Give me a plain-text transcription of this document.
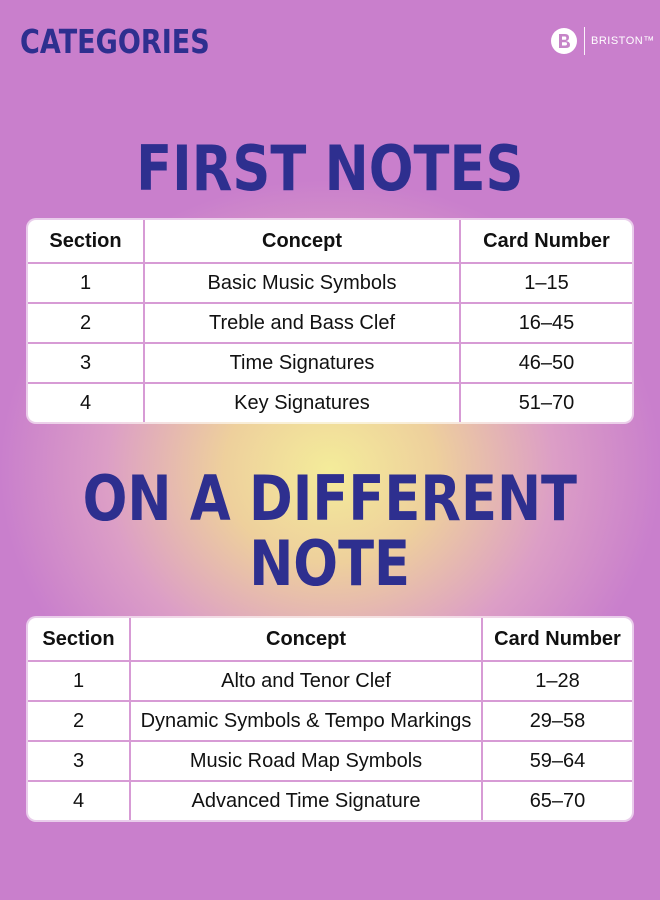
CATEGORIES	BRISTON™
FIRST NOTES
Section	Concept	Card Number
1	Basic Music Symbols	1–15
2	Treble and Bass Clef	16–45
3	Time Signatures	46–50
4	Key Signatures	51–70
ON A DIFFERENT
NOTE
Section	Concept	Card Number
1	Alto and Tenor Clef	1–28
2	Dynamic Symbols & Tempo Markings	29–58
3	Music Road Map Symbols	59–64
4	Advanced Time Signature	65–70
